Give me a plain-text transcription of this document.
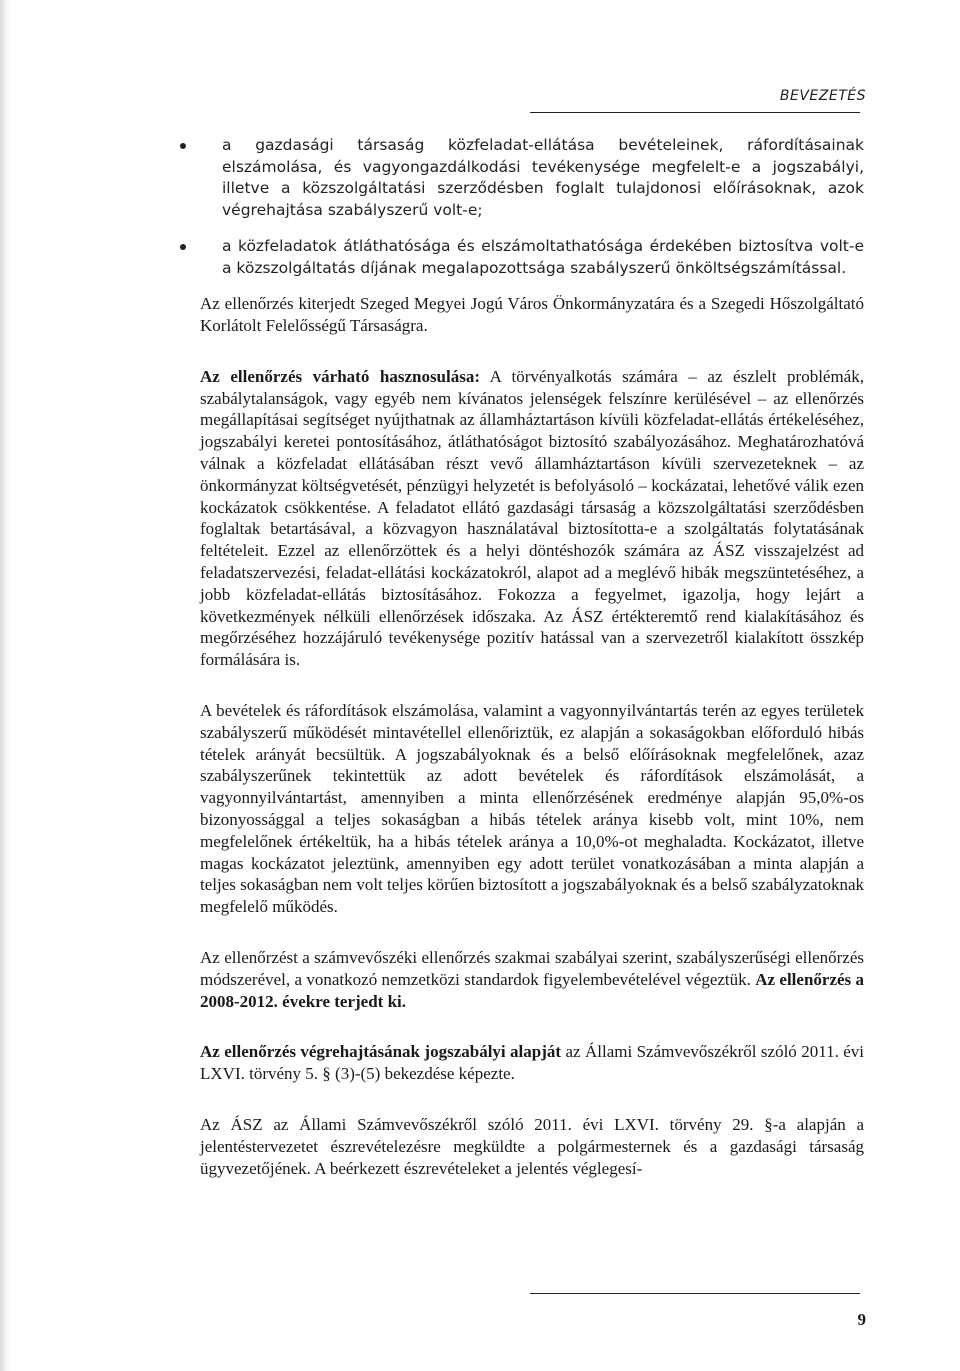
BEVEZETÉS
a gazdasági társaság közfeladat-ellátása bevételeinek, ráfordításainak elszámolása, és vagyongazdálkodási tevékenysége megfelelt-e a jogszabályi, illetve a közszolgáltatási szerződésben foglalt tulajdonosi előírásoknak, azok végrehajtása szabályszerű volt-e;
a közfeladatok átláthatósága és elszámoltathatósága érdekében biztosítva volt-e a közszolgáltatás díjának megalapozottsága szabályszerű önköltségszámítással.

Az ellenőrzés kiterjedt Szeged Megyei Jogú Város Önkormányzatára és a Szegedi Hőszolgáltató Korlátolt Felelősségű Társaságra.

Az ellenőrzés várható hasznosulása: A törvényalkotás számára – az észlelt problémák, szabálytalanságok, vagy egyéb nem kívánatos jelenségek felszínre kerülésével – az ellenőrzés megállapításai segítséget nyújthatnak az államháztartáson kívüli közfeladat-ellátás értékeléséhez, jogszabályi keretei pontosításához, átláthatóságot biztosító szabályozásához. Meghatározhatóvá válnak a közfeladat ellátásában részt vevő államháztartáson kívüli szervezeteknek – az önkormányzat költségvetését, pénzügyi helyzetét is befolyásoló – kockázatai, lehetővé válik ezen kockázatok csökkentése. A feladatot ellátó gazdasági társaság a közszolgáltatási szerződésben foglaltak betartásával, a közvagyon használatával biztosította-e a szolgáltatás folytatásának feltételeit. Ezzel az ellenőrzöttek és a helyi döntéshozók számára az ÁSZ visszajelzést ad feladatszervezési, feladat-ellátási kockázatokról, alapot ad a meglévő hibák megszüntetéséhez, a jobb közfeladat-ellátás biztosításához. Fokozza a fegyelmet, igazolja, hogy lejárt a következmények nélküli ellenőrzések időszaka. Az ÁSZ értékteremtő rend kialakításához és megőrzéséhez hozzájáruló tevékenysége pozitív hatással van a szervezetről kialakított összkép formálására is.

A bevételek és ráfordítások elszámolása, valamint a vagyonnyilvántartás terén az egyes területek szabályszerű működését mintavétellel ellenőriztük, ez alapján a sokaságokban előforduló hibás tételek arányát becsültük. A jogszabályoknak és a belső előírásoknak megfelelőnek, azaz szabályszerűnek tekintettük az adott bevételek és ráfordítások elszámolását, a vagyonnyilvántartást, amennyiben a minta ellenőrzésének eredménye alapján 95,0%-os bizonyossággal a teljes sokaságban a hibás tételek aránya kisebb volt, mint 10%, nem megfelelőnek értékeltük, ha a hibás tételek aránya a 10,0%-ot meghaladta. Kockázatot, illetve magas kockázatot jeleztünk, amennyiben egy adott terület vonatkozásában a minta alapján a teljes sokaságban nem volt teljes körűen biztosított a jogszabályoknak és a belső szabályzatoknak megfelelő működés.

Az ellenőrzést a számvevőszéki ellenőrzés szakmai szabályai szerint, szabályszerűségi ellenőrzés módszerével, a vonatkozó nemzetközi standardok figyelembevételével végeztük. Az ellenőrzés a 2008-2012. évekre terjedt ki.

Az ellenőrzés végrehajtásának jogszabályi alapját az Állami Számvevőszékről szóló 2011. évi LXVI. törvény 5. § (3)-(5) bekezdése képezte.

Az ÁSZ az Állami Számvevőszékről szóló 2011. évi LXVI. törvény 29. §-a alapján a jelentéstervezetet észrevételezésre megküldte a polgármesternek és a gazdasági társaság ügyvezetőjének. A beérkezett észrevételeket a jelentés véglegesí-

9
